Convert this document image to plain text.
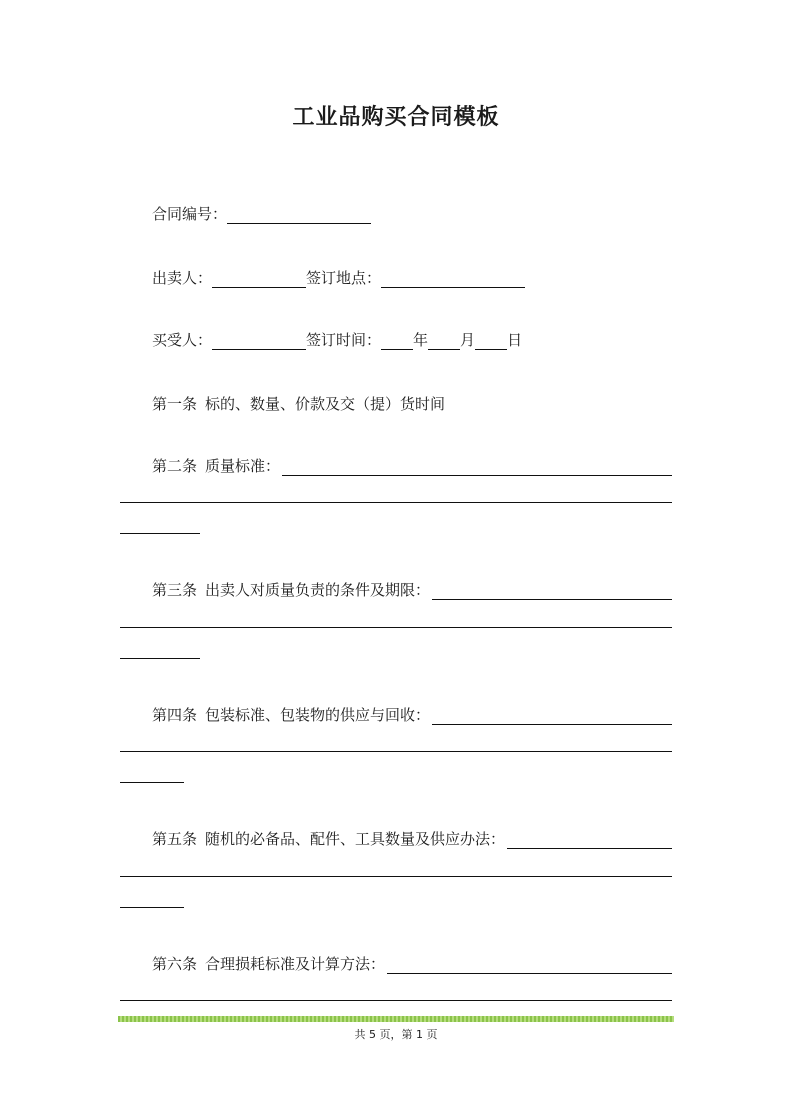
工业品购买合同模板
合同编号：
出卖人：	签订地点：
买受人：	签订时间： 年 月 日
第一条 标的、数量、价款及交（提）货时间
第二条 质量标准：
第三条 出卖人对质量负责的条件及期限：
第四条 包装标准、包装物的供应与回收：
第五条 随机的必备品、配件、工具数量及供应办法：
第六条 合理损耗标准及计算方法：
共 5 页，第 1 页
